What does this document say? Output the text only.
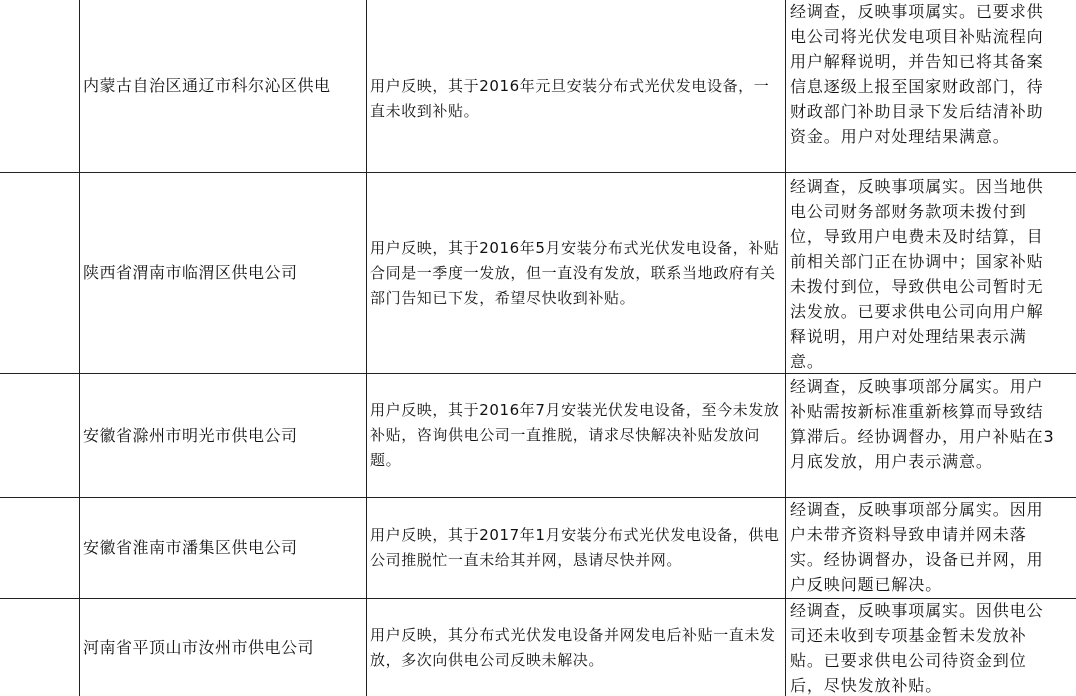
内蒙古自治区通辽市科尔沁区供电	用户反映，其于2016年元旦安装分布式光伏发电设备，一直未收到补贴。
经调查，反映事项属实。已要求供电公司将光伏发电项目补贴流程向用户解释说明，并告知已将其备案信息逐级上报至国家财政部门，待财政部门补助目录下发后结清补助资金。用户对处理结果满意。
陕西省渭南市临渭区供电公司
用户反映，其于2016年5月安装分布式光伏发电设备，补贴合同是一季度一发放，但一直没有发放，联系当地政府有关部门告知已下发，希望尽快收到补贴。
经调查，反映事项属实。因当地供电公司财务部财务款项未拨付到位，导致用户电费未及时结算，目前相关部门正在协调中；国家补贴未拨付到位，导致供电公司暂时无法发放。已要求供电公司向用户解释说明，用户对处理结果表示满意。
安徽省滁州市明光市供电公司
用户反映，其于2016年7月安装光伏发电设备，至今未发放补贴，咨询供电公司一直推脱，请求尽快解决补贴发放问题。
经调查，反映事项部分属实。用户补贴需按新标准重新核算而导致结算滞后。经协调督办，用户补贴在3月底发放，用户表示满意。
安徽省淮南市潘集区供电公司
用户反映，其于2017年1月安装分布式光伏发电设备，供电公司推脱忙一直未给其并网，恳请尽快并网。
经调查，反映事项部分属实。因用户未带齐资料导致申请并网未落实。经协调督办，设备已并网，用户反映问题已解决。
河南省平顶山市汝州市供电公司
用户反映，其分布式光伏发电设备并网发电后补贴一直未发放，多次向供电公司反映未解决。
经调查，反映事项属实。因供电公司还未收到专项基金暂未发放补贴。已要求供电公司待资金到位后，尽快发放补贴。
